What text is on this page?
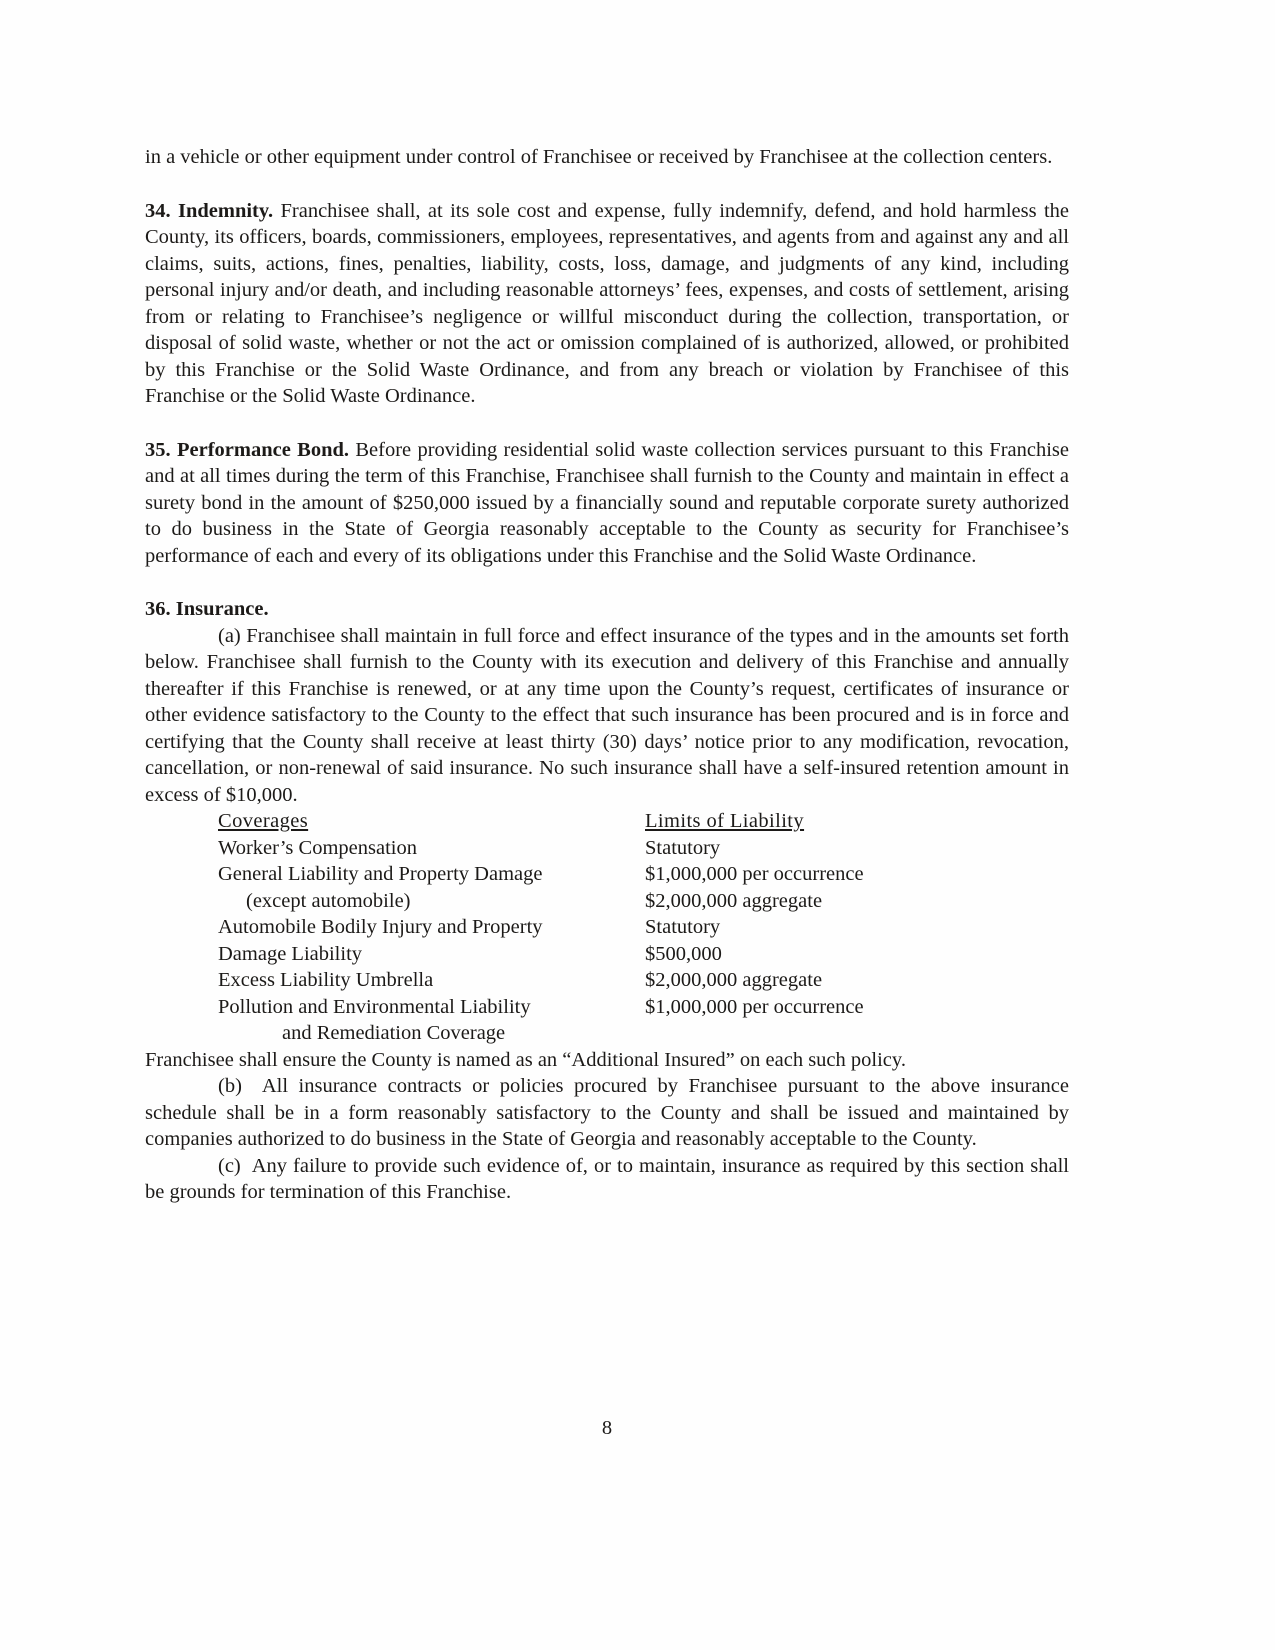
in a vehicle or other equipment under control of Franchisee or received by Franchisee at the collection centers.

34. Indemnity. Franchisee shall, at its sole cost and expense, fully indemnify, defend, and hold harmless the County, its officers, boards, commissioners, employees, representatives, and agents from and against any and all claims, suits, actions, fines, penalties, liability, costs, loss, damage, and judgments of any kind, including personal injury and/or death, and including reasonable attorneys’ fees, expenses, and costs of settlement, arising from or relating to Franchisee’s negligence or willful misconduct during the collection, transportation, or disposal of solid waste, whether or not the act or omission complained of is authorized, allowed, or prohibited by this Franchise or the Solid Waste Ordinance, and from any breach or violation by Franchisee of this Franchise or the Solid Waste Ordinance.

35. Performance Bond. Before providing residential solid waste collection services pursuant to this Franchise and at all times during the term of this Franchise, Franchisee shall furnish to the County and maintain in effect a surety bond in the amount of $250,000 issued by a financially sound and reputable corporate surety authorized to do business in the State of Georgia reasonably acceptable to the County as security for Franchisee’s performance of each and every of its obligations under this Franchise and the Solid Waste Ordinance.

36. Insurance.

(a) Franchisee shall maintain in full force and effect insurance of the types and in the amounts set forth below. Franchisee shall furnish to the County with its execution and delivery of this Franchise and annually thereafter if this Franchise is renewed, or at any time upon the County’s request, certificates of insurance or other evidence satisfactory to the County to the effect that such insurance has been procured and is in force and certifying that the County shall receive at least thirty (30) days’ notice prior to any modification, revocation, cancellation, or non-renewal of said insurance. No such insurance shall have a self-insured retention amount in excess of $10,000.

Coverages	Limits of Liability
Worker’s Compensation	Statutory
General Liability and Property Damage	$1,000,000 per occurrence
(except automobile)	$2,000,000 aggregate
Automobile Bodily Injury and Property	Statutory
Damage Liability	$500,000
Excess Liability Umbrella	$2,000,000 aggregate
Pollution and Environmental Liability	$1,000,000 per occurrence
and Remediation Coverage

Franchisee shall ensure the County is named as an “Additional Insured” on each such policy.

(b)  All insurance contracts or policies procured by Franchisee pursuant to the above insurance schedule shall be in a form reasonably satisfactory to the County and shall be issued and maintained by companies authorized to do business in the State of Georgia and reasonably acceptable to the County.

(c)  Any failure to provide such evidence of, or to maintain, insurance as required by this section shall be grounds for termination of this Franchise.

8
